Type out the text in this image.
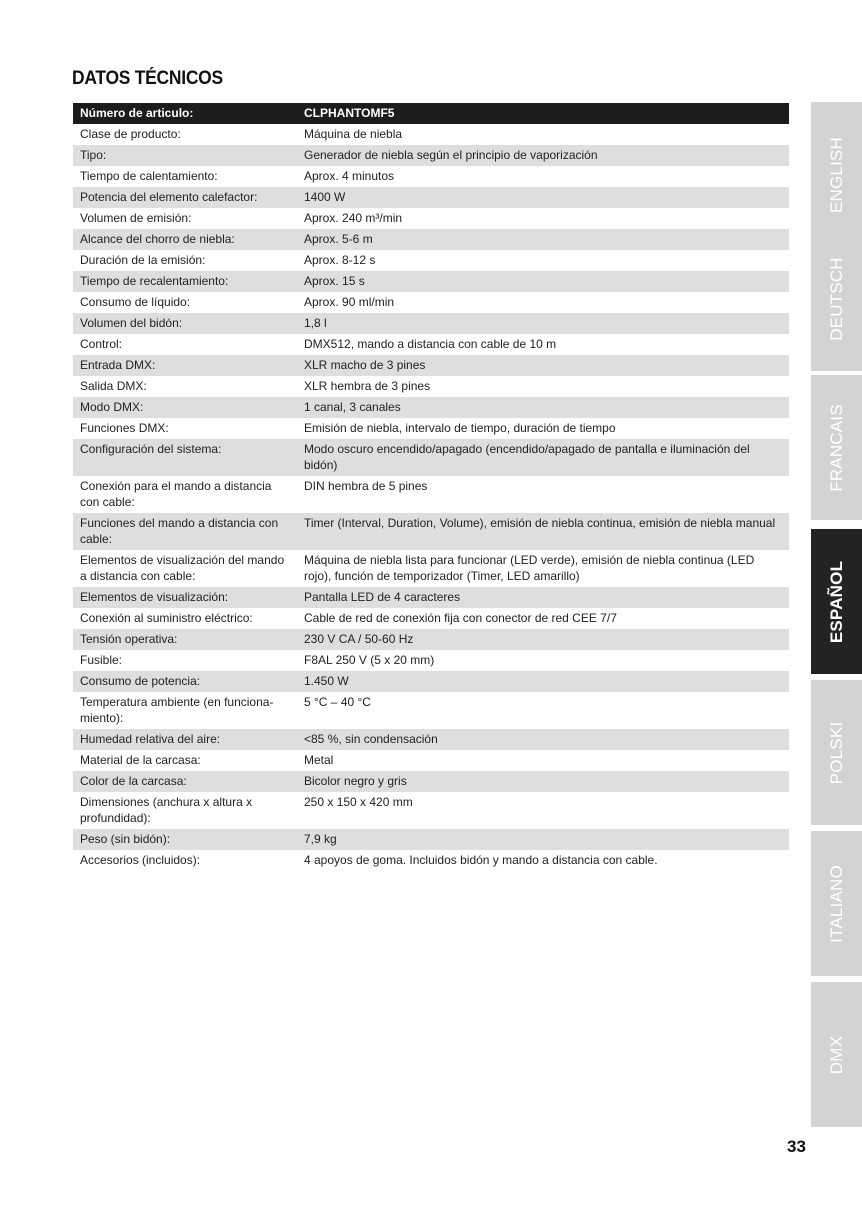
DATOS TÉCNICOS
Número de articulo:	CLPHANTOMF5
Clase de producto:	Máquina de niebla
Tipo:	Generador de niebla según el principio de vaporización
Tiempo de calentamiento:	Aprox. 4 minutos
Potencia del elemento calefactor:	1400 W
Volumen de emisión:	Aprox. 240 m³/min
Alcance del chorro de niebla:	Aprox. 5-6 m
Duración de la emisión:	Aprox. 8-12 s
Tiempo de recalentamiento:	Aprox. 15 s
Consumo de líquido:	Aprox. 90 ml/min
Volumen del bidón:	1,8 l
Control:	DMX512, mando a distancia con cable de 10 m
Entrada DMX:	XLR macho de 3 pines
Salida DMX:	XLR hembra de 3 pines
Modo DMX:	1 canal, 3 canales
Funciones DMX:	Emisión de niebla, intervalo de tiempo, duración de tiempo
Configuración del sistema:	Modo oscuro encendido/apagado (encendido/apagado de pantalla e iluminación del bidón)
Conexión para el mando a distancia con cable:	DIN hembra de 5 pines
Funciones del mando a distancia con cable:	Timer (Interval, Duration, Volume), emisión de niebla continua, emisión de niebla manual
Elementos de visualización del mando a distancia con cable:	Máquina de niebla lista para funcionar (LED verde), emisión de niebla continua (LED rojo), función de temporizador (Timer, LED amarillo)
Elementos de visualización:	Pantalla LED de 4 caracteres
Conexión al suministro eléctrico:	Cable de red de conexión fija con conector de red CEE 7/7
Tensión operativa:	230 V CA / 50-60 Hz
Fusible:	F8AL 250 V (5 x 20 mm)
Consumo de potencia:	1.450 W
Temperatura ambiente (en funciona-miento):	5 °C – 40 °C
Humedad relativa del aire:	<85 %, sin condensación
Material de la carcasa:	Metal
Color de la carcasa:	Bicolor negro y gris
Dimensiones (anchura x altura x profundidad):	250 x 150 x 420 mm
Peso (sin bidón):	7,9 kg
Accesorios (incluidos):	4 apoyos de goma. Incluidos bidón y mando a distancia con cable.
ENGLISH
DEUTSCH
FRANCAIS
ESPAÑOL
POLSKI
ITALIANO
DMX
33
